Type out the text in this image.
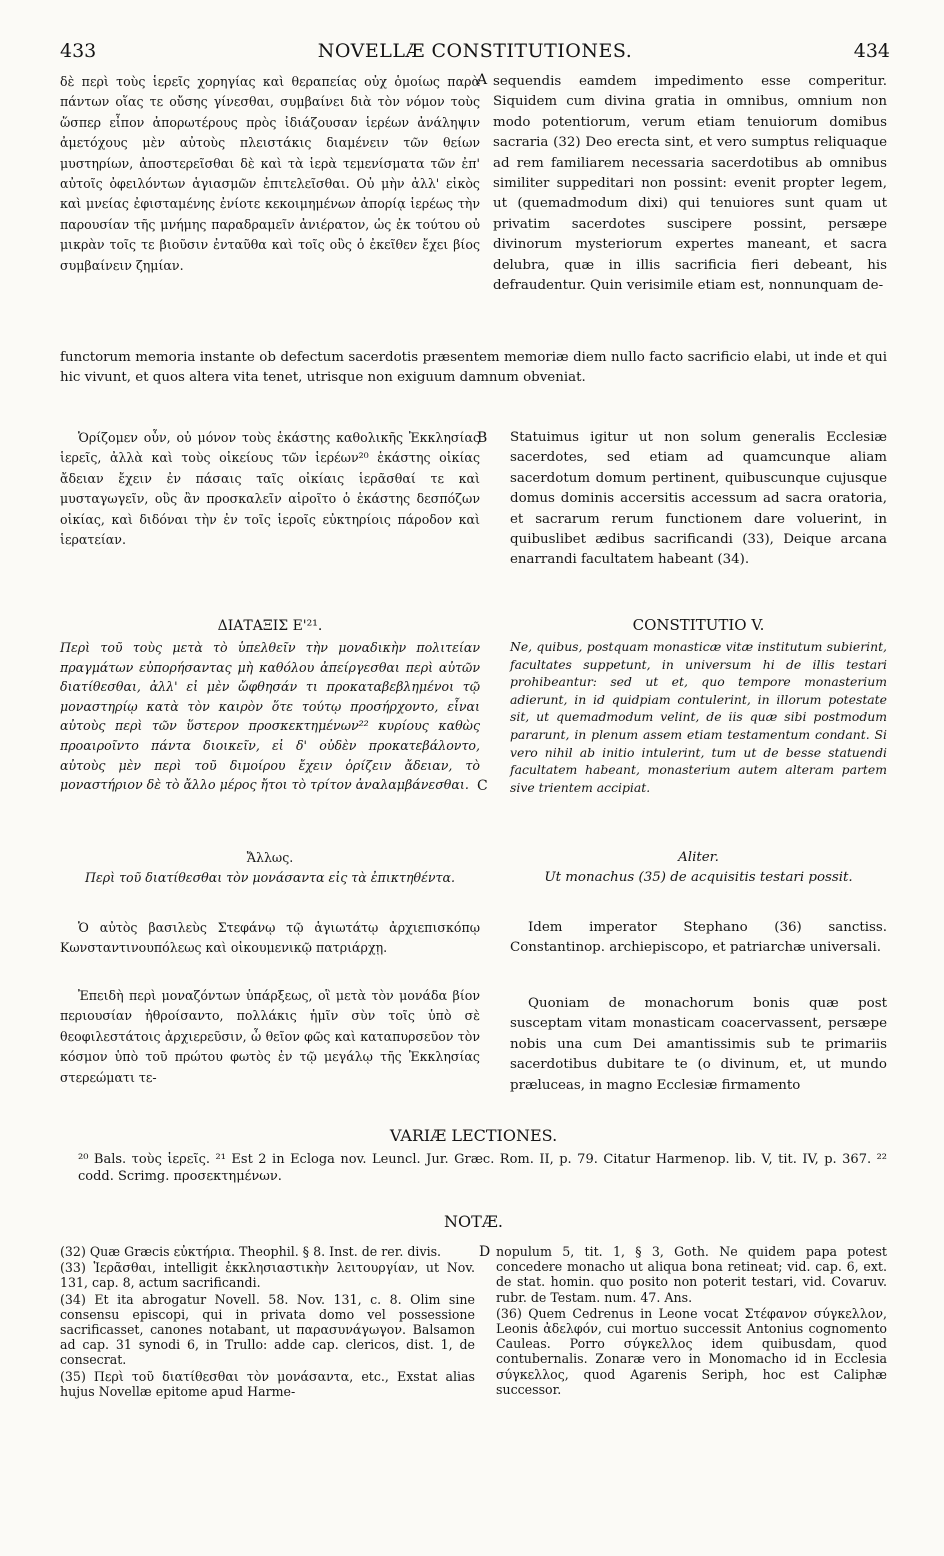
433	NOVELLÆ CONSTITUTIONES.	434

δὲ περὶ τοὺς ἱερεῖς χορηγίας καὶ θεραπείας οὐχ ὁμοίως παρὰ πάντων οἵας τε οὔσης γίνεσθαι, συμβαίνει διὰ τὸν νόμον τοὺς ὥσπερ εἶπον ἀπορωτέρους πρὸς ἰδιάζουσαν ἱερέων ἀνάληψιν ἀμετόχους μὲν αὐτοὺς πλειστάκις διαμένειν τῶν θείων μυστηρίων, ἀποστερεῖσθαι δὲ καὶ τὰ ἱερὰ τεμενίσματα τῶν ἐπ' αὐτοῖς ὀφειλόντων ἁγιασμῶν ἐπιτελεῖσθαι. Οὐ μὴν ἀλλ' εἰκὸς καὶ μνείας ἐφισταμένης ἐνίοτε κεκοιμημένων ἀπορίᾳ ἱερέως τὴν παρουσίαν τῆς μνήμης παραδραμεῖν ἀνιέρατον, ὡς ἐκ τούτου οὐ μικρὰν τοῖς τε βιοῦσιν ἐνταῦθα καὶ τοῖς οὓς ὁ ἐκεῖθεν ἔχει βίος συμβαίνειν ζημίαν.

A sequendis eamdem impedimento esse comperitur. Siquidem cum divina gratia in omnibus, omnium non modo potentiorum, verum etiam tenuiorum domibus sacraria (32) Deo erecta sint, et vero sumptus reliquaque ad rem familiarem necessaria sacerdotibus ab omnibus similiter suppeditari non possint: evenit propter legem, ut (quemadmodum dixi) qui tenuiores sunt quam ut privatim sacerdotes suscipere possint, persæpe divinorum mysteriorum expertes maneant, et sacra delubra, quæ in illis sacrificia fieri debeant, his defraudentur. Quin verisimile etiam est, nonnunquam de-

functorum memoria instante ob defectum sacerdotis præsentem memoriæ diem nullo facto sacrificio elabi, ut inde et qui hic vivunt, et quos altera vita tenet, utrisque non exiguum damnum obveniat.

Ὁρίζομεν οὖν, οὐ μόνον τοὺς ἑκάστης καθολικῆς Ἐκκλησίας ἱερεῖς, ἀλλὰ καὶ τοὺς οἰκείους τῶν ἱερέων²⁰ ἑκάστης οἰκίας ἄδειαν ἔχειν ἐν πάσαις ταῖς οἰκίαις ἱερᾶσθαί τε καὶ μυσταγωγεῖν, οὓς ἂν προσκαλεῖν αἱροῖτο ὁ ἑκάστης δεσπόζων οἰκίας, καὶ διδόναι τὴν ἐν τοῖς ἱεροῖς εὐκτηρίοις πάροδον καὶ ἱερατείαν.

B Statuimus igitur ut non solum generalis Ecclesiæ sacerdotes, sed etiam ad quamcunque aliam sacerdotum domum pertinent, quibuscunque cujusque domus dominis accersitis accessum ad sacra oratoria, et sacrarum rerum functionem dare voluerint, in quibuslibet ædibus sacrificandi (33), Deique arcana enarrandi facultatem habeant (34).

ΔΙΑΤΑΞΙΣ Ε'²¹.
Περὶ τοῦ τοὺς μετὰ τὸ ὑπελθεῖν τὴν μοναδικὴν πολιτείαν πραγμάτων εὐπορήσαντας μὴ καθόλου ἀπείργεσθαι περὶ αὐτῶν διατίθεσθαι, ἀλλ' εἰ μὲν ὤφθησάν τι προκαταβεβλημένοι τῷ μοναστηρίῳ κατὰ τὸν καιρὸν ὅτε τούτῳ προσήρχοντο, εἶναι αὐτοὺς περὶ τῶν ὕστερον προσκεκτημένων²² κυρίους καθὼς προαιροῖντο πάντα διοικεῖν, εἰ δ' οὐδὲν προκατεβάλοντο, αὐτοὺς μὲν περὶ τοῦ διμοίρου ἔχειν ὁρίζειν ἄδειαν, τὸ μοναστήριον δὲ τὸ ἄλλο μέρος ἤτοι τὸ τρίτον ἀναλαμβάνεσθαι. C
CONSTITUTIO V.
Ne, quibus, postquam monasticæ vitæ institutum subierint, facultates suppetunt, in universum hi de illis testari prohibeantur: sed ut et, quo tempore monasterium adierunt, in id quidpiam contulerint, in illorum potestate sit, ut quemadmodum velint, de iis quæ sibi postmodum pararunt, in plenum assem etiam testamentum condant. Si vero nihil ab initio intulerint, tum ut de besse statuendi facultatem habeant, monasterium autem alteram partem sive trientem accipiat.
Ἄλλως.
Περὶ τοῦ διατίθεσθαι τὸν μονάσαντα εἰς τὰ ἐπικτηθέντα.
Aliter.
Ut monachus (35) de acquisitis testari possit.

Ὁ αὐτὸς βασιλεὺς Στεφάνῳ τῷ ἁγιωτάτῳ ἀρχιεπισκόπῳ Κωνσταντινουπόλεως καὶ οἰκουμενικῷ πατριάρχῃ.

Idem imperator Stephano (36) sanctiss. Constantinop. archiepiscopo, et patriarchæ universali.

Ἐπειδὴ περὶ μοναζόντων ὑπάρξεως, οἳ μετὰ τὸν μονάδα βίον περιουσίαν ἠθροίσαντο, πολλάκις ἡμῖν σὺν τοῖς ὑπὸ σὲ θεοφιλεστάτοις ἀρχιερεῦσιν, ὦ θεῖον φῶς καὶ καταπυρσεῦον τὸν κόσμον ὑπὸ τοῦ πρώτου φωτὸς ἐν τῷ μεγάλῳ τῆς Ἐκκλησίας στερεώματι τε-

Quoniam de monachorum bonis quæ post susceptam vitam monasticam coacervassent, persæpe nobis una cum Dei amantissimis sub te primariis sacerdotibus dubitare te (o divinum, et, ut mundo præluceas, in magno Ecclesiæ firmamento

VARIÆ LECTIONES.
²⁰ Bals. τοὺς ἱερεῖς. ²¹ Est 2 in Ecloga nov. Leuncl. Jur. Græc. Rom. II, p. 79. Citatur Harmenop. lib. V, tit. IV, p. 367. ²² codd. Scrimg. προσεκτημένων.
NOTÆ.

(32) Quæ Græcis εὐκτήρια. Theophil. § 8. Inst. de rer. divis.

(33) Ἱερᾶσθαι, intelligit ἐκκλησιαστικὴν λειτουργίαν, ut Nov. 131, cap. 8, actum sacrificandi.

(34) Et ita abrogatur Novell. 58. Nov. 131, c. 8. Olim sine consensu episcopi, qui in privata domo vel possessione sacrificasset, canones notabant, ut παρασυνάγωγον. Balsamon ad cap. 31 synodi 6, in Trullo: adde cap. clericos, dist. 1, de consecrat.

(35) Περὶ τοῦ διατίθεσθαι τὸν μονάσαντα, etc., Exstat alias hujus Novellæ epitome apud Harme-

D nopulum 5, tit. 1, § 3, Goth. Ne quidem papa potest concedere monacho ut aliqua bona retineat; vid. cap. 6, ext. de stat. homin. quo posito non poterit testari, vid. Covaruv. rubr. de Testam. num. 47. Ans.

(36) Quem Cedrenus in Leone vocat Στέφανον σύγκελλον, Leonis ἀδελφόν, cui mortuo successit Antonius cognomento Cauleas. Porro σύγκελλος idem quibusdam, quod contubernalis. Zonaræ vero in Monomacho id in Ecclesia σύγκελλος, quod Agarenis Seriph, hoc est Caliphæ successor.
